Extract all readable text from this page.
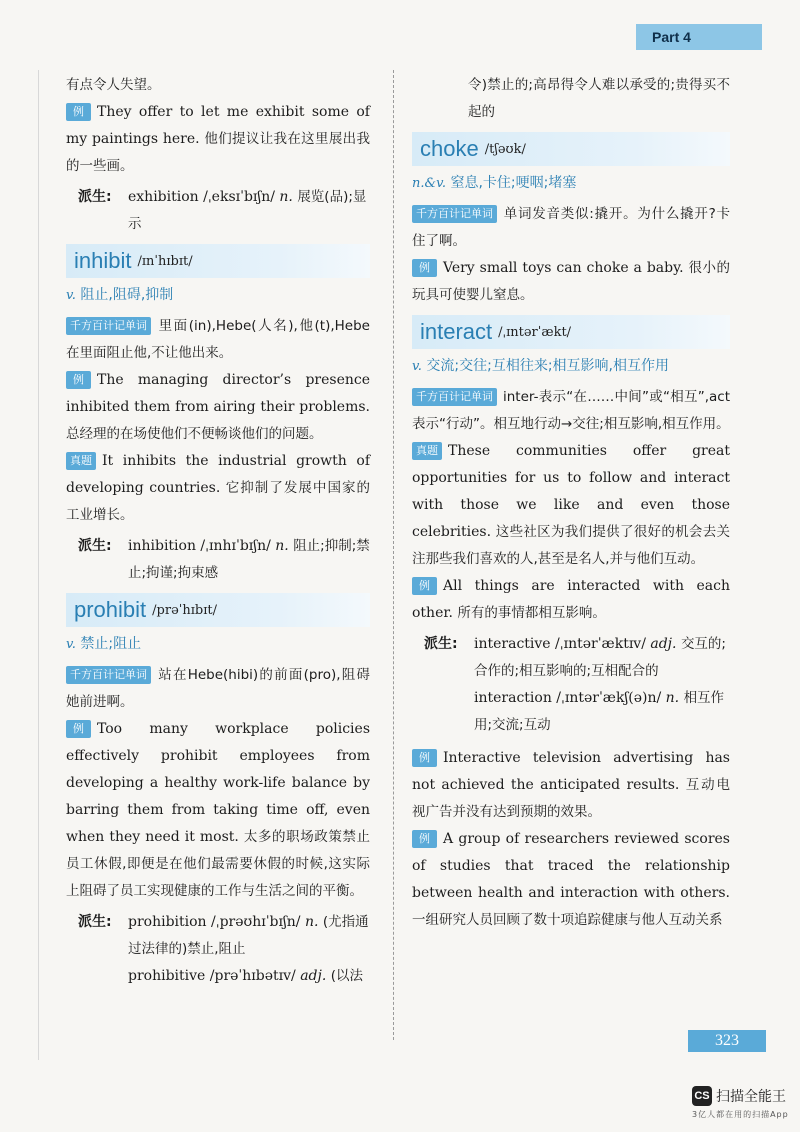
Part 4

有点令人失望。

例 They offer to let me exhibit some of my paintings here. 他们提议让我在这里展出我的一些画。

派生:	exhibition /ˌeksɪˈbɪʃn/ n. 展览(品);显示
inhibit /ɪnˈhɪbɪt/
v. 阻止,阻碍,抑制

千方百计记单词 里面(in),Hebe(人名),他(t),Hebe在里面阻止他,不让他出来。

例 The managing director’s presence inhibited them from airing their problems. 总经理的在场使他们不便畅谈他们的问题。

真题 It inhibits the industrial growth of developing countries. 它抑制了发展中国家的工业增长。

派生:	inhibition /ˌɪnhɪˈbɪʃn/ n. 阻止;抑制;禁止;拘谨;拘束感
prohibit /prəˈhɪbɪt/
v. 禁止;阻止

千方百计记单词 站在Hebe(hibi)的前面(pro),阻碍她前进啊。

例 Too many workplace policies effectively prohibit employees from developing a healthy work-life balance by barring them from taking time off, even when they need it most. 太多的职场政策禁止员工休假,即便是在他们最需要休假的时候,这实际上阻碍了员工实现健康的工作与生活之间的平衡。

派生:	prohibition /ˌprəʊhɪˈbɪʃn/ n. (尤指通过法律的)禁止,阻止
prohibitive /prəˈhɪbətɪv/ adj. (以法

令)禁止的;高昂得令人难以承受的;贵得买不起的

choke /tʃəʊk/
n.&v. 窒息,卡住;哽咽;堵塞

千方百计记单词 单词发音类似:撬开。为什么撬开?卡住了啊。

例 Very small toys can choke a baby. 很小的玩具可使婴儿窒息。

interact /ˌɪntərˈækt/
v. 交流;交往;互相往来;相互影响,相互作用

千方百计记单词 inter-表示“在……中间”或“相互”,act表示“行动”。相互地行动→交往;相互影响,相互作用。

真题 These communities offer great opportunities for us to follow and interact with those we like and even those celebrities. 这些社区为我们提供了很好的机会去关注那些我们喜欢的人,甚至是名人,并与他们互动。

例 All things are interacted with each other. 所有的事情都相互影响。

派生:	interactive /ˌɪntərˈæktɪv/ adj. 交互的;合作的;相互影响的;互相配合的
interaction /ˌɪntərˈækʃ(ə)n/ n. 相互作用;交流;互动

例 Interactive television advertising has not achieved the anticipated results. 互动电视广告并没有达到预期的效果。

例 A group of researchers reviewed scores of studies that traced the relationship between health and interaction with others. 一组研究人员回顾了数十项追踪健康与他人互动关系

323
CS 扫描全能王
3亿人都在用的扫描App
